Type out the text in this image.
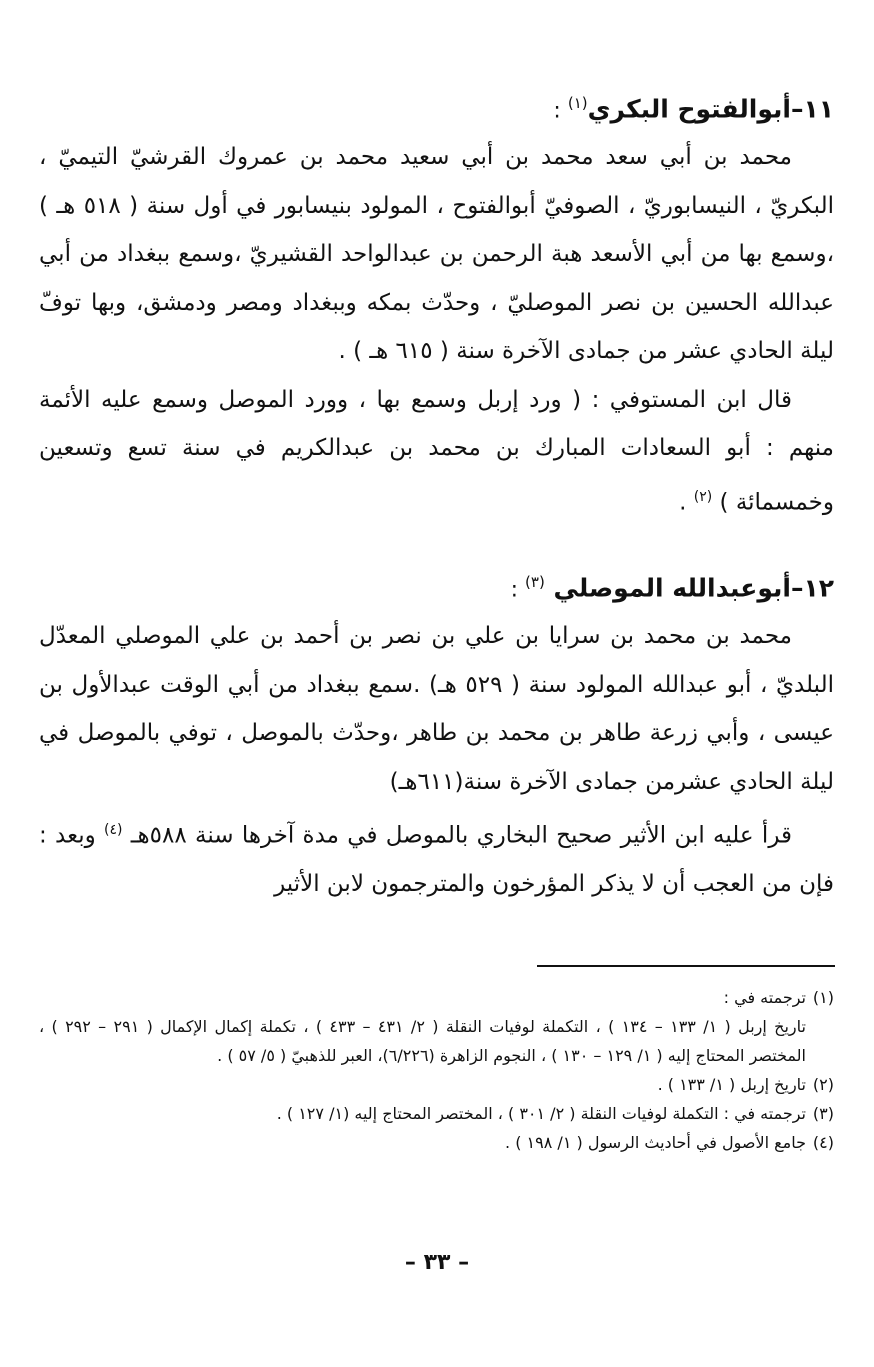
١١–أبوالفتوح البكري$^{(١)}$ :

محمد بن أبي سعد محمد بن أبي سعيد محمد بن عمروك القرشيّ التيميّ ، البكريّ ، النيسابوريّ ، الصوفيّ أبوالفتوح ، المولود بنيسابور في أول سنة ( ٥١٨ هـ ) ،وسمع بها من أبي الأسعد هبة الرحمن بن عبدالواحد القشيريّ ،وسمع ببغداد من أبي عبدالله الحسين بن نصر الموصليّ ، وحدّث بمكه وببغداد ومصر ودمشق، وبها توفّ ليلة الحادي عشر من جمادى الآخرة سنة ( ٦١٥ هـ ) .

قال ابن المستوفي : ( ورد إربل وسمع بها ، وورد الموصل وسمع عليه الأئمة منهم : أبو السعادات المبارك بن محمد بن عبدالكريم في سنة تسع وتسعين وخمسمائة ) $^{(٢)}$ .

١٢–أبوعبدالله الموصلي $^{(٣)}$ :

محمد بن محمد بن سرايا بن علي بن نصر بن أحمد بن علي الموصلي المعدّل البلديّ ، أبو عبدالله المولود سنة ( ٥٢٩ هـ) .سمع ببغداد من أبي الوقت عبدالأول بن عيسى ، وأبي زرعة طاهر بن محمد بن طاهر ،وحدّث بالموصل ، توفي بالموصل في ليلة الحادي عشرمن جمادى الآخرة سنة(٦١١هـ)

قرأ عليه ابن الأثير صحيح البخاري بالموصل في مدة آخرها سنة ٥٨٨هـ $^{(٤)}$ وبعد : فإن من العجب أن لا يذكر المؤرخون والمترجمون لابن الأثير

(١)ترجمته في :

تاريخ إربل ( ١/ ١٣٣ – ١٣٤ ) ، التكملة لوفيات النقلة ( ٢/ ٤٣١ – ٤٣٣ ) ، تكملة إكمال الإكمال ( ٢٩١ – ٢٩٢ ) ، المختصر المحتاج إليه ( ١/ ١٢٩ – ١٣٠ ) ، النجوم الزاهرة (٦/٢٢٦)، العبر للذهبيّ ( ٥/ ٥٧ ) .

(٢)تاريخ إربل ( ١/ ١٣٣ ) .

(٣)ترجمته في : التكملة لوفيات النقلة ( ٢/ ٣٠١ ) ، المختصر المحتاج إليه (١/ ١٢٧ ) .

(٤)جامع الأصول في أحاديث الرسول ( ١/ ١٩٨ ) .

– ٣٣ –
